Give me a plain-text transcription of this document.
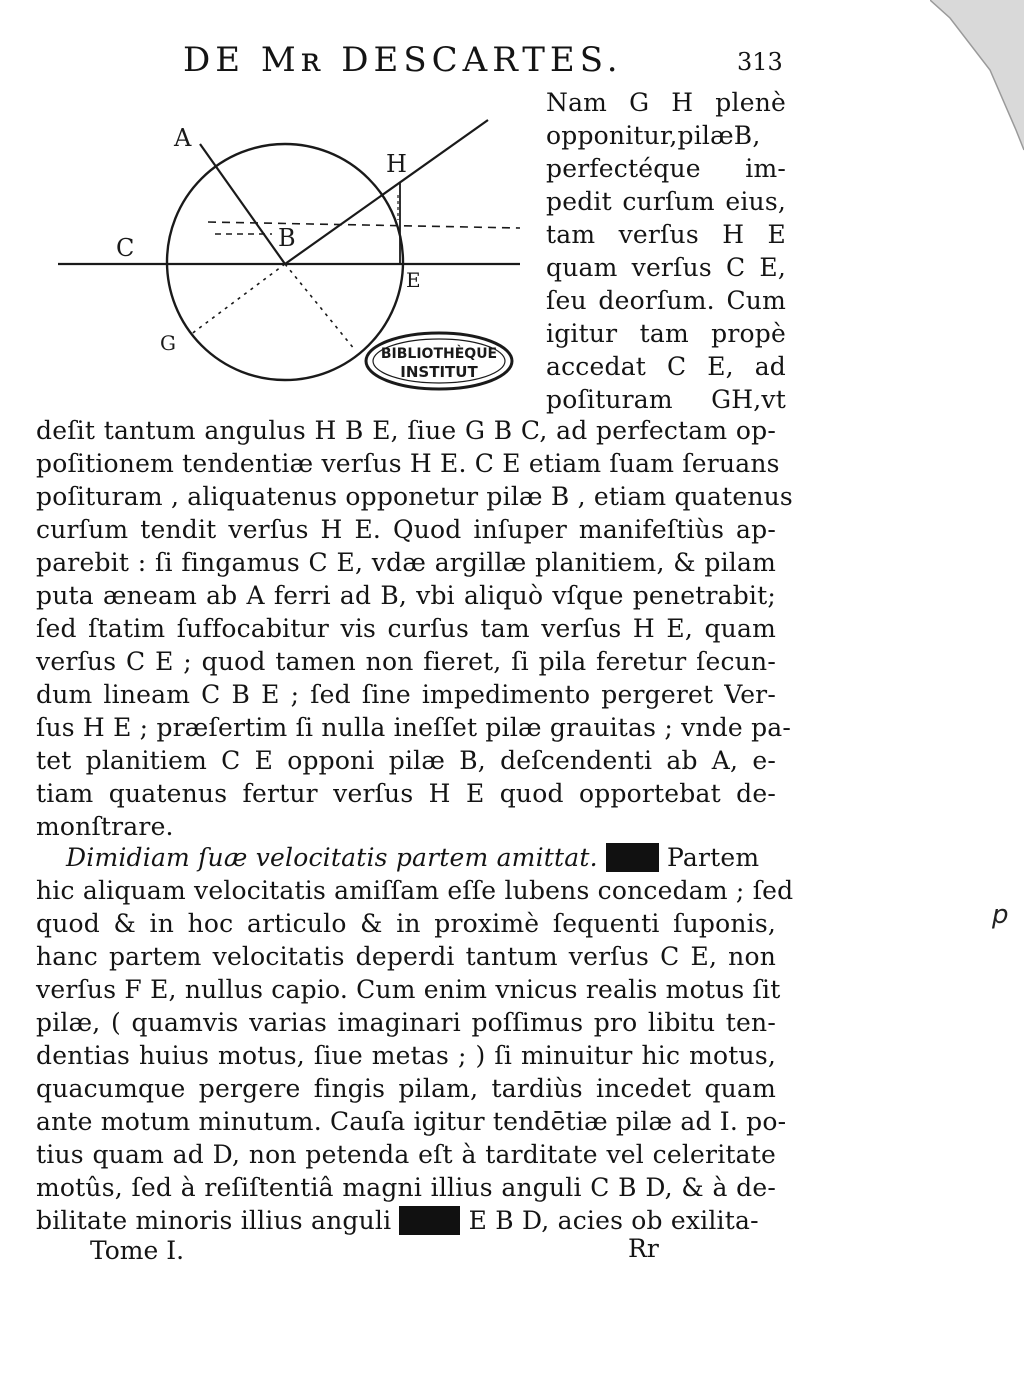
DE Mʀ DESCARTES.	313
A
C	B
H
E
G	BIBLIOTHÈQUE
INSTITUT
Nam G H plenè
opponitur,pilæB,
perfectéque im-
pedit curſum eius,
tam verſus H E
quam verſus C E,
ſeu deorſum. Cum
igitur tam propè
accedat C E, ad
poſituram GH,vt
deſit tantum angulus H B E, ſiue G B C, ad perfectam op-
poſitionem tendentiæ verſus H E. C E etiam ſuam ſeruans
poſituram , aliquatenus opponetur pilæ B , etiam quatenus
curſum tendit verſus H E. Quod inſuper manifeſtiùs ap-
parebit : ſi fingamus C E, vdæ argillæ planitiem, & pilam
puta æneam ab A ferri ad B, vbi aliquò vſque penetrabit;
ſed ſtatim ſuffocabitur vis curſus tam verſus H E, quam
verſus C E ; quod tamen non fieret, ſi pila feretur ſecun-
dum lineam C B E ; ſed ſine impedimento pergeret Ver-
ſus H E ; præſertim ſi nulla ineſſet pilæ grauitas ; vnde pa-
tet planitiem C E opponi pilæ B, deſcendenti ab A, e-
tiam quatenus fertur verſus H E quod opportebat de-
monſtrare.
Dimidiam ſuæ velocitatis partem amittat.	Partem
hic aliquam velocitatis amiſſam eſſe lubens concedam ; ſed
quod & in hoc articulo & in proximè ſequenti ſuponis,
hanc partem velocitatis deperdi tantum verſus C E, non
verſus F E, nullus capio. Cum enim vnicus realis motus ſit
pilæ, ( quamvis varias imaginari poſſimus pro libitu ten-
dentias huius motus, ſiue metas ; ) ſi minuitur hic motus,
quacumque pergere fingis pilam, tardiùs incedet quam
ante motum minutum. Cauſa igitur tendētiæ pilæ ad I. po-
tius quam ad D, non petenda eſt à tarditate vel celeritate
motûs, ſed à reſiſtentiâ magni illius anguli C B D, & à de-
bilitate minoris illius anguli	E B D, acies ob exilita-
Tome I.	Rr
p
